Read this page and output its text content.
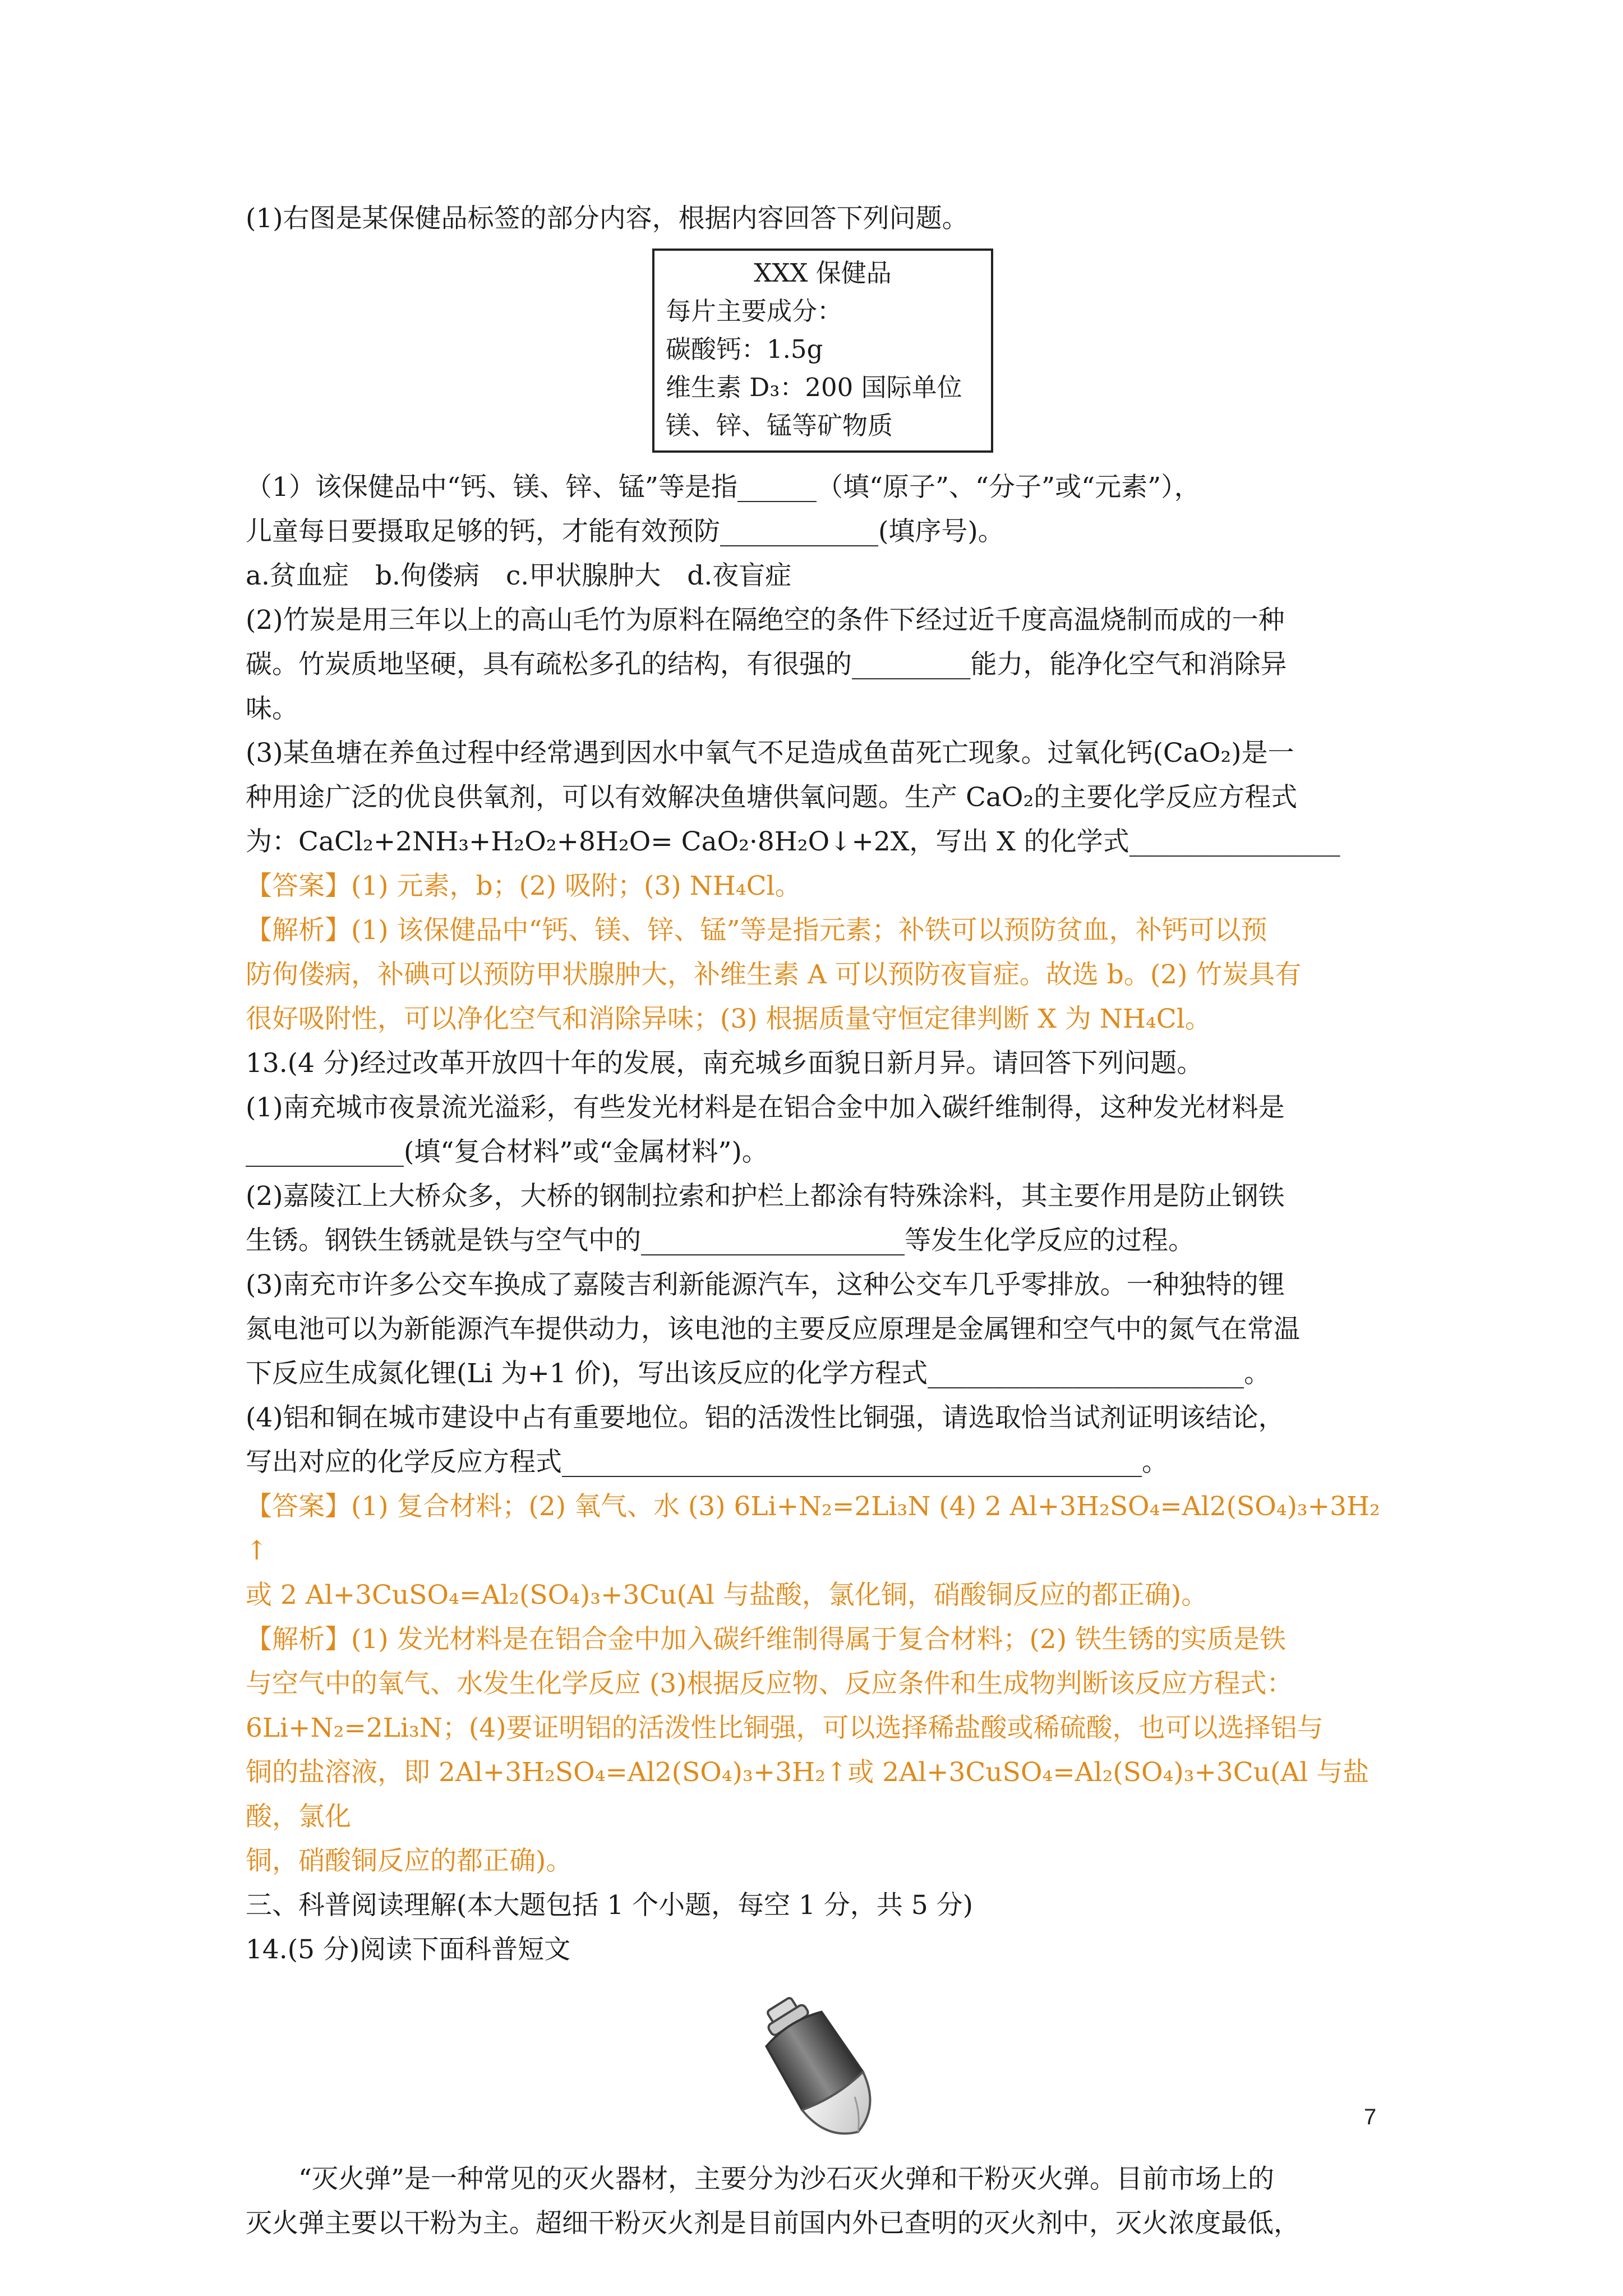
(1)右图是某保健品标签的部分内容，根据内容回答下列问题。

XXX 保健品
每片主要成分：
碳酸钙：1.5g
维生素 D₃：200 国际单位
镁、锌、锰等矿物质

（1）该保健品中“钙、镁、锌、锰”等是指______（填“原子”、“分子”或“元素”），

儿童每日要摄取足够的钙，才能有效预防____________(填序号)。

a.贫血症　b.佝偻病　c.甲状腺肿大　d.夜盲症

(2)竹炭是用三年以上的高山毛竹为原料在隔绝空的条件下经过近千度高温烧制而成的一种

碳。竹炭质地坚硬，具有疏松多孔的结构，有很强的_________能力，能净化空气和消除异

味。

(3)某鱼塘在养鱼过程中经常遇到因水中氧气不足造成鱼苗死亡现象。过氧化钙(CaO₂)是一

种用途广泛的优良供氧剂，可以有效解决鱼塘供氧问题。生产 CaO₂的主要化学反应方程式

为：CaCl₂+2NH₃+H₂O₂+8H₂O= CaO₂·8H₂O↓+2X，写出 X 的化学式________________

【答案】(1) 元素，b；(2) 吸附；(3) NH₄Cl。

【解析】(1) 该保健品中“钙、镁、锌、锰”等是指元素；补铁可以预防贫血，补钙可以预

防佝偻病，补碘可以预防甲状腺肿大，补维生素 A 可以预防夜盲症。故选 b。(2) 竹炭具有

很好吸附性，可以净化空气和消除异味；(3) 根据质量守恒定律判断 X 为 NH₄Cl。

13.(4 分)经过改革开放四十年的发展，南充城乡面貌日新月异。请回答下列问题。

(1)南充城市夜景流光溢彩，有些发光材料是在铝合金中加入碳纤维制得，这种发光材料是

____________(填“复合材料”或“金属材料”)。

(2)嘉陵江上大桥众多，大桥的钢制拉索和护栏上都涂有特殊涂料，其主要作用是防止钢铁

生锈。钢铁生锈就是铁与空气中的____________________等发生化学反应的过程。

(3)南充市许多公交车换成了嘉陵吉利新能源汽车，这种公交车几乎零排放。一种独特的锂

氮电池可以为新能源汽车提供动力，该电池的主要反应原理是金属锂和空气中的氮气在常温

下反应生成氮化锂(Li 为+1 价)，写出该反应的化学方程式________________________。

(4)铝和铜在城市建设中占有重要地位。铝的活泼性比铜强，请选取恰当试剂证明该结论，

写出对应的化学反应方程式____________________________________________。

【答案】(1) 复合材料；(2) 氧气、水 (3) 6Li+N₂=2Li₃N (4) 2 Al+3H₂SO₄=Al2(SO₄)₃+3H₂↑

或 2 Al+3CuSO₄=Al₂(SO₄)₃+3Cu(Al 与盐酸，氯化铜，硝酸铜反应的都正确)。

【解析】(1) 发光材料是在铝合金中加入碳纤维制得属于复合材料；(2) 铁生锈的实质是铁

与空气中的氧气、水发生化学反应 (3)根据反应物、反应条件和生成物判断该反应方程式：

6Li+N₂=2Li₃N；(4)要证明铝的活泼性比铜强，可以选择稀盐酸或稀硫酸，也可以选择铝与

铜的盐溶液，即 2Al+3H₂SO₄=Al2(SO₄)₃+3H₂↑或 2Al+3CuSO₄=Al₂(SO₄)₃+3Cu(Al 与盐酸，氯化

铜，硝酸铜反应的都正确)。

三、科普阅读理解(本大题包括 1 个小题，每空 1 分，共 5 分)

14.(5 分)阅读下面科普短文

“灭火弹”是一种常见的灭火器材，主要分为沙石灭火弹和干粉灭火弹。目前市场上的

灭火弹主要以干粉为主。超细干粉灭火剂是目前国内外已查明的灭火剂中，灭火浓度最低，

7
